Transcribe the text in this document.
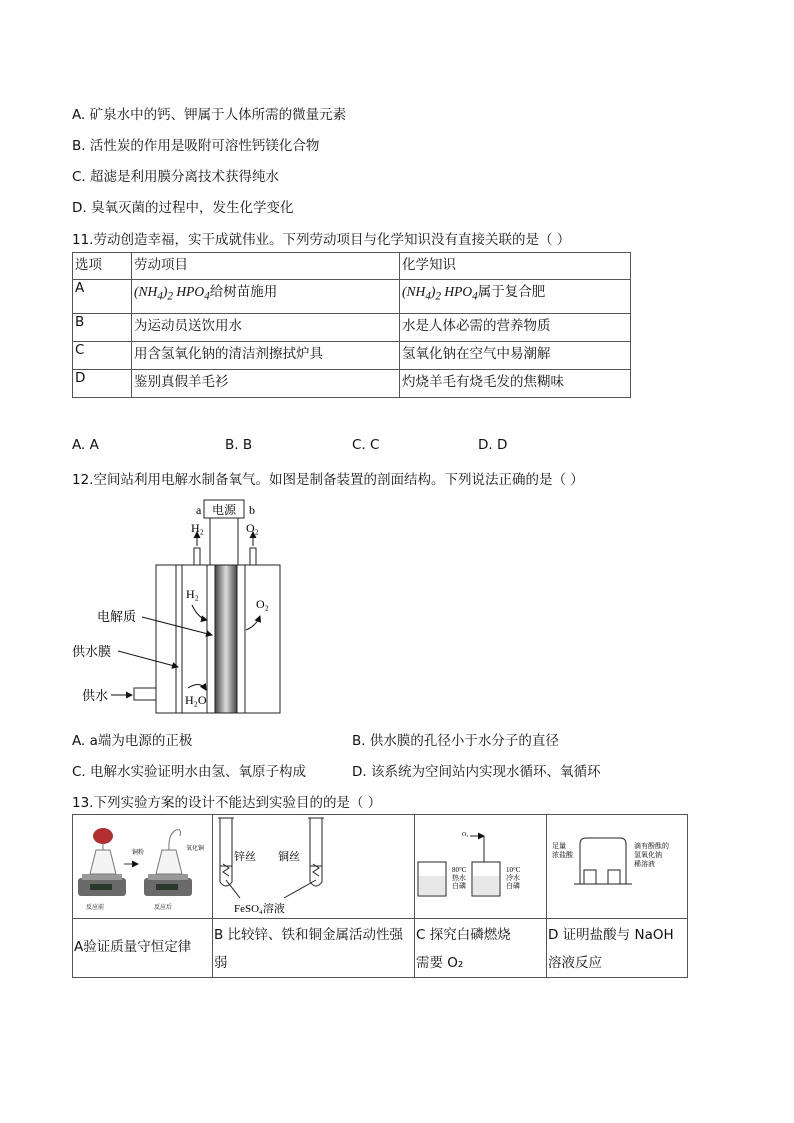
A. 矿泉水中的钙、钾属于人体所需的微量元素
B. 活性炭的作用是吸附可溶性钙镁化合物
C. 超滤是利用膜分离技术获得纯水
D. 臭氧灭菌的过程中，发生化学变化
11.劳动创造幸福，实干成就伟业。下列劳动项目与化学知识没有直接关联的是（ ）
选项	劳动项目	化学知识
A	$(NH_4)_2$ $HPO_4$给树苗施用	$(NH_4)_2$ $HPO_4$属于复合肥
B	为运动员送饮用水	水是人体必需的营养物质
C	用含氢氧化钠的清洁剂擦拭炉具	氢氧化钠在空气中易潮解
D	鉴别真假羊毛衫	灼烧羊毛有烧毛发的焦糊味
A. A	B. B	C. C	D. D
12.空间站利用电解水制备氧气。如图是制备装置的剖面结构。下列说法正确的是（ ）
电源
a	b
H₂	O₂
H₂
O₂
H₂O
电解质
供水膜
供水
A. a端为电源的正极	B. 供水膜的孔径小于水分子的直径
C. 电解水实验证明水由氢、氧原子构成	D. 该系统为空间站内实现水循环、氧循环
13.下列实验方案的设计不能达到实验目的的是（ ）
铜粉
反应前
氧化铜
反应后
锌丝 铜丝
FeSO₄溶液
O₂
80°C
热水
白磷
10°C
冷水
白磷
足量
浓盐酸
滴有酚酞的
氢氧化钠
稀溶液
A验证质量守恒定律
B 比较锌、铁和铜金属活动性强
弱
C 探究白磷燃烧
需要 O₂
D 证明盐酸与 NaOH
溶液反应
